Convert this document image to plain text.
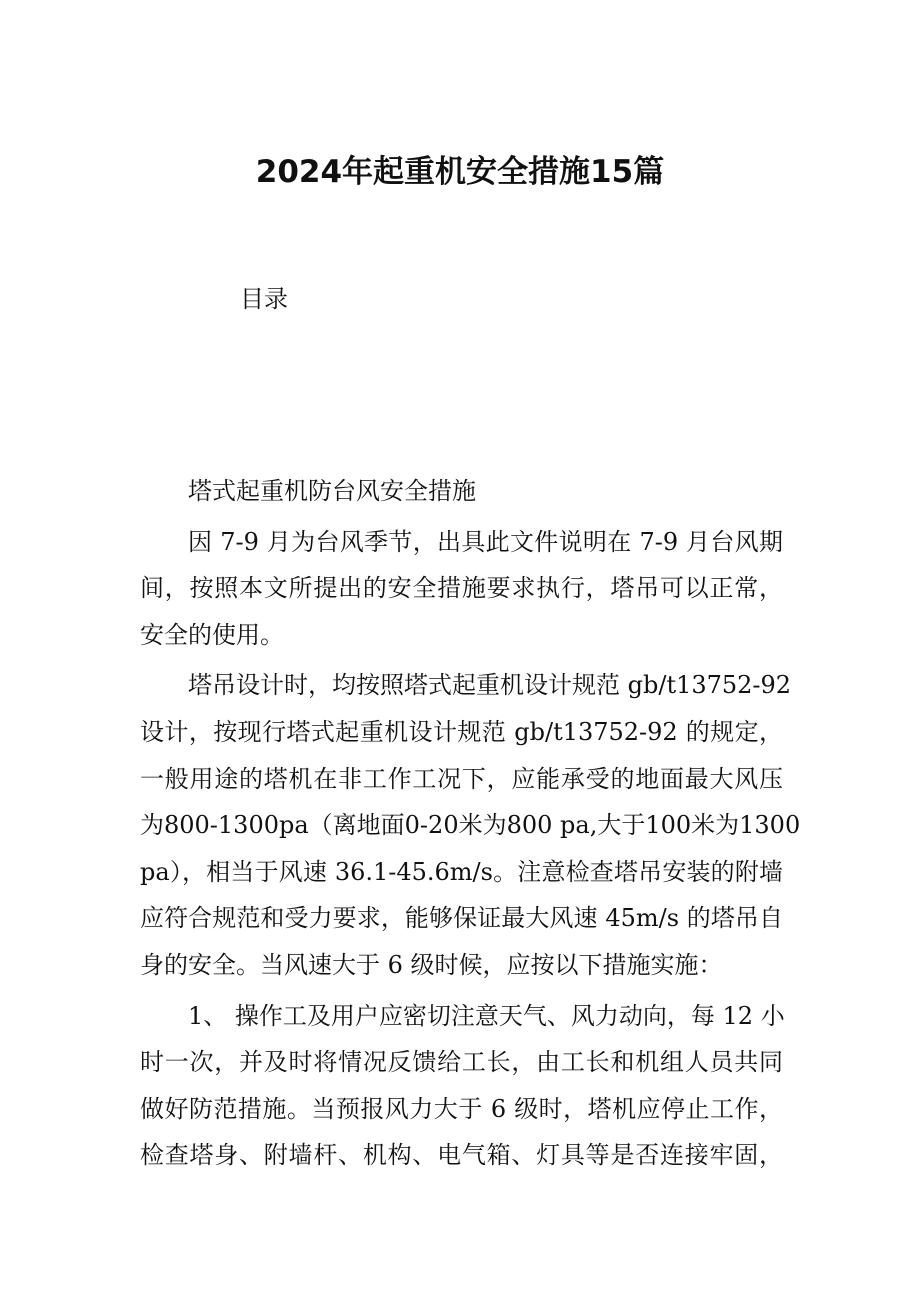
2024年起重机安全措施15篇
目录
塔式起重机防台风安全措施
因 7-9 月为台风季节，出具此文件说明在 7-9 月台风期
间，按照本文所提出的安全措施要求执行，塔吊可以正常，
安全的使用。
塔吊设计时，均按照塔式起重机设计规范 gb/t13752-92
设计，按现行塔式起重机设计规范 gb/t13752-92 的规定，
一般用途的塔机在非工作工况下，应能承受的地面最大风压
为800-1300pa（离地面0-20米为800 pa,大于100米为1300
pa），相当于风速 36.1-45.6m/s。注意检查塔吊安装的附墙
应符合规范和受力要求，能够保证最大风速 45m/s 的塔吊自
身的安全。当风速大于 6 级时候，应按以下措施实施：
1、 操作工及用户应密切注意天气、风力动向，每 12 小
时一次，并及时将情况反馈给工长，由工长和机组人员共同
做好防范措施。当预报风力大于 6 级时，塔机应停止工作，
检查塔身、附墙杆、机构、电气箱、灯具等是否连接牢固，
